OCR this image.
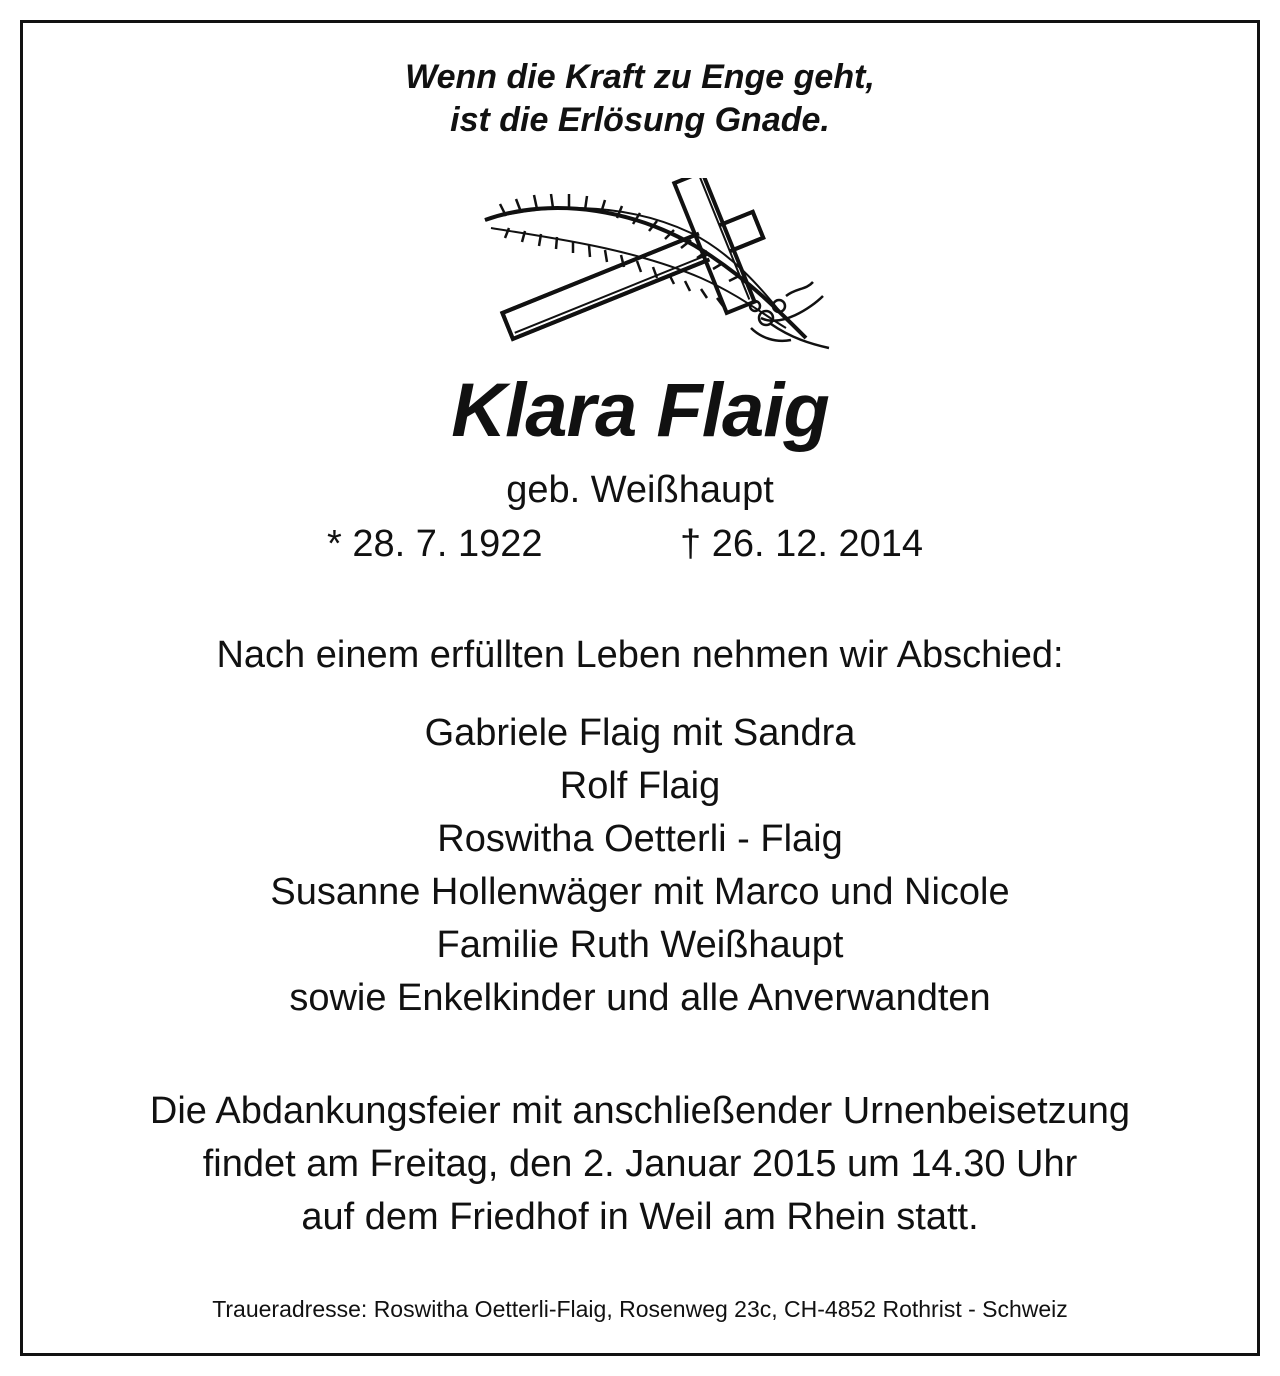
Wenn die Kraft zu Enge geht,
ist die Erlösung Gnade.
Klara Flaig
geb. Weißhaupt
* 28. 7. 1922	† 26. 12. 2014
Nach einem erfüllten Leben nehmen wir Abschied:
Gabriele Flaig mit Sandra
Rolf Flaig
Roswitha Oetterli - Flaig
Susanne Hollenwäger mit Marco und Nicole
Familie Ruth Weißhaupt
sowie Enkelkinder und alle Anverwandten
Die Abdankungsfeier mit anschließender Urnenbeisetzung
findet am Freitag, den 2. Januar 2015 um 14.30 Uhr
auf dem Friedhof in Weil am Rhein statt.
Traueradresse: Roswitha Oetterli-Flaig, Rosenweg 23c, CH-4852 Rothrist - Schweiz
